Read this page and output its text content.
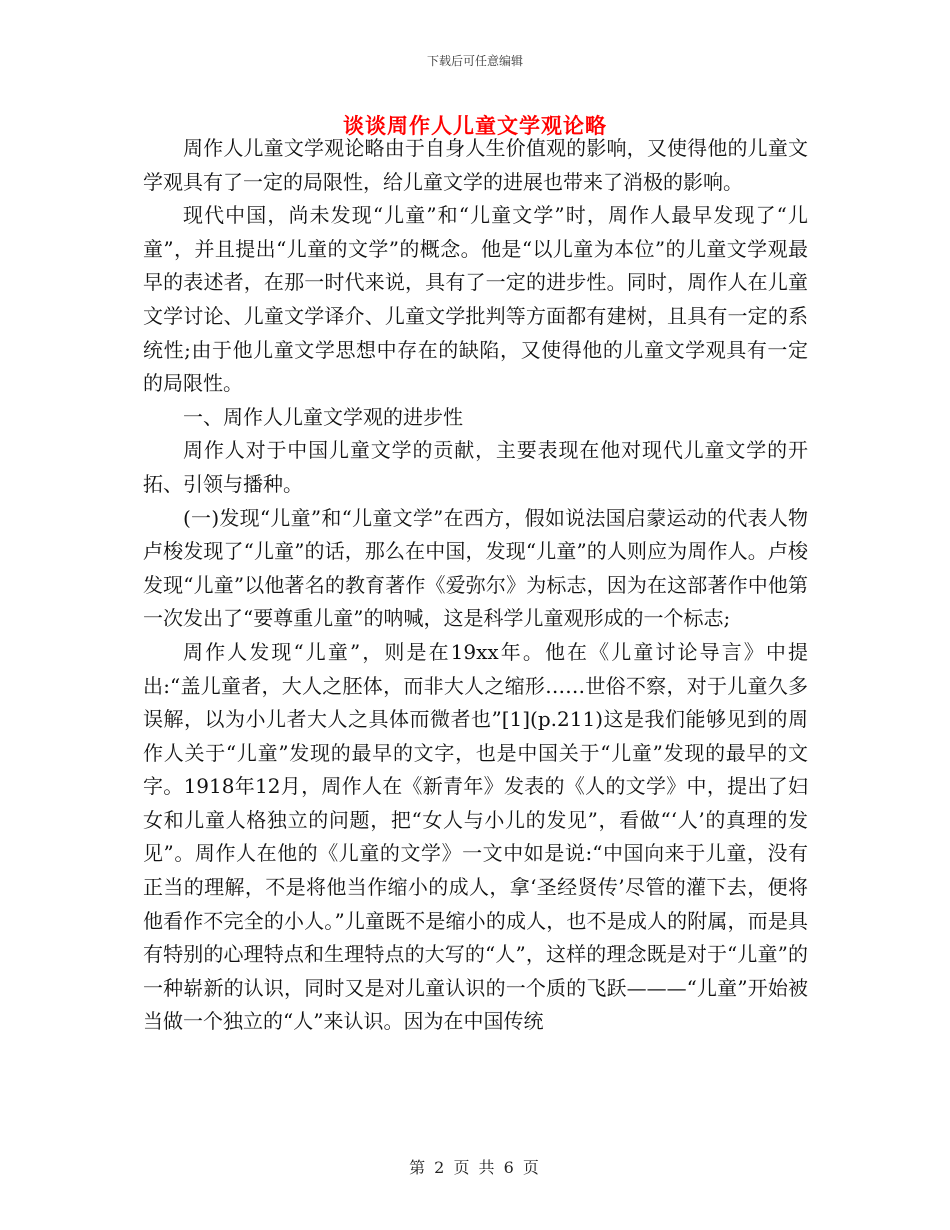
下载后可任意编辑
谈谈周作人儿童文学观论略

周作人儿童文学观论略由于自身人生价值观的影响，又使得他的儿童文学观具有了一定的局限性，给儿童文学的进展也带来了消极的影响。

现代中国，尚未发现“儿童”和“儿童文学”时，周作人最早发现了“儿童”，并且提出“儿童的文学”的概念。他是“以儿童为本位”的儿童文学观最早的表述者，在那一时代来说，具有了一定的进步性。同时，周作人在儿童文学讨论、儿童文学译介、儿童文学批判等方面都有建树，且具有一定的系统性;由于他儿童文学思想中存在的缺陷，又使得他的儿童文学观具有一定的局限性。

一、周作人儿童文学观的进步性

周作人对于中国儿童文学的贡献，主要表现在他对现代儿童文学的开拓、引领与播种。

(一)发现“儿童”和“儿童文学”在西方，假如说法国启蒙运动的代表人物卢梭发现了“儿童”的话，那么在中国，发现“儿童”的人则应为周作人。卢梭发现“儿童”以他著名的教育著作《爱弥尔》为标志，因为在这部著作中他第一次发出了“要尊重儿童”的呐喊，这是科学儿童观形成的一个标志;

周作人发现“儿童”，则是在19xx年。他在《儿童讨论导言》中提出:“盖儿童者，大人之胚体，而非大人之缩形……世俗不察，对于儿童久多误解，以为小儿者大人之具体而微者也”[1](p.211)这是我们能够见到的周作人关于“儿童”发现的最早的文字，也是中国关于“儿童”发现的最早的文字。1918年12月，周作人在《新青年》发表的《人的文学》中，提出了妇女和儿童人格独立的问题，把“女人与小儿的发见”，看做“‘人’的真理的发见”。周作人在他的《儿童的文学》一文中如是说:“中国向来于儿童，没有正当的理解，不是将他当作缩小的成人，拿‘圣经贤传’尽管的灌下去，便将他看作不完全的小人。”儿童既不是缩小的成人，也不是成人的附属，而是具有特别的心理特点和生理特点的大写的“人”，这样的理念既是对于“儿童”的一种崭新的认识，同时又是对儿童认识的一个质的飞跃———“儿童”开始被当做一个独立的“人”来认识。因为在中国传统

第 2 页 共 6 页
